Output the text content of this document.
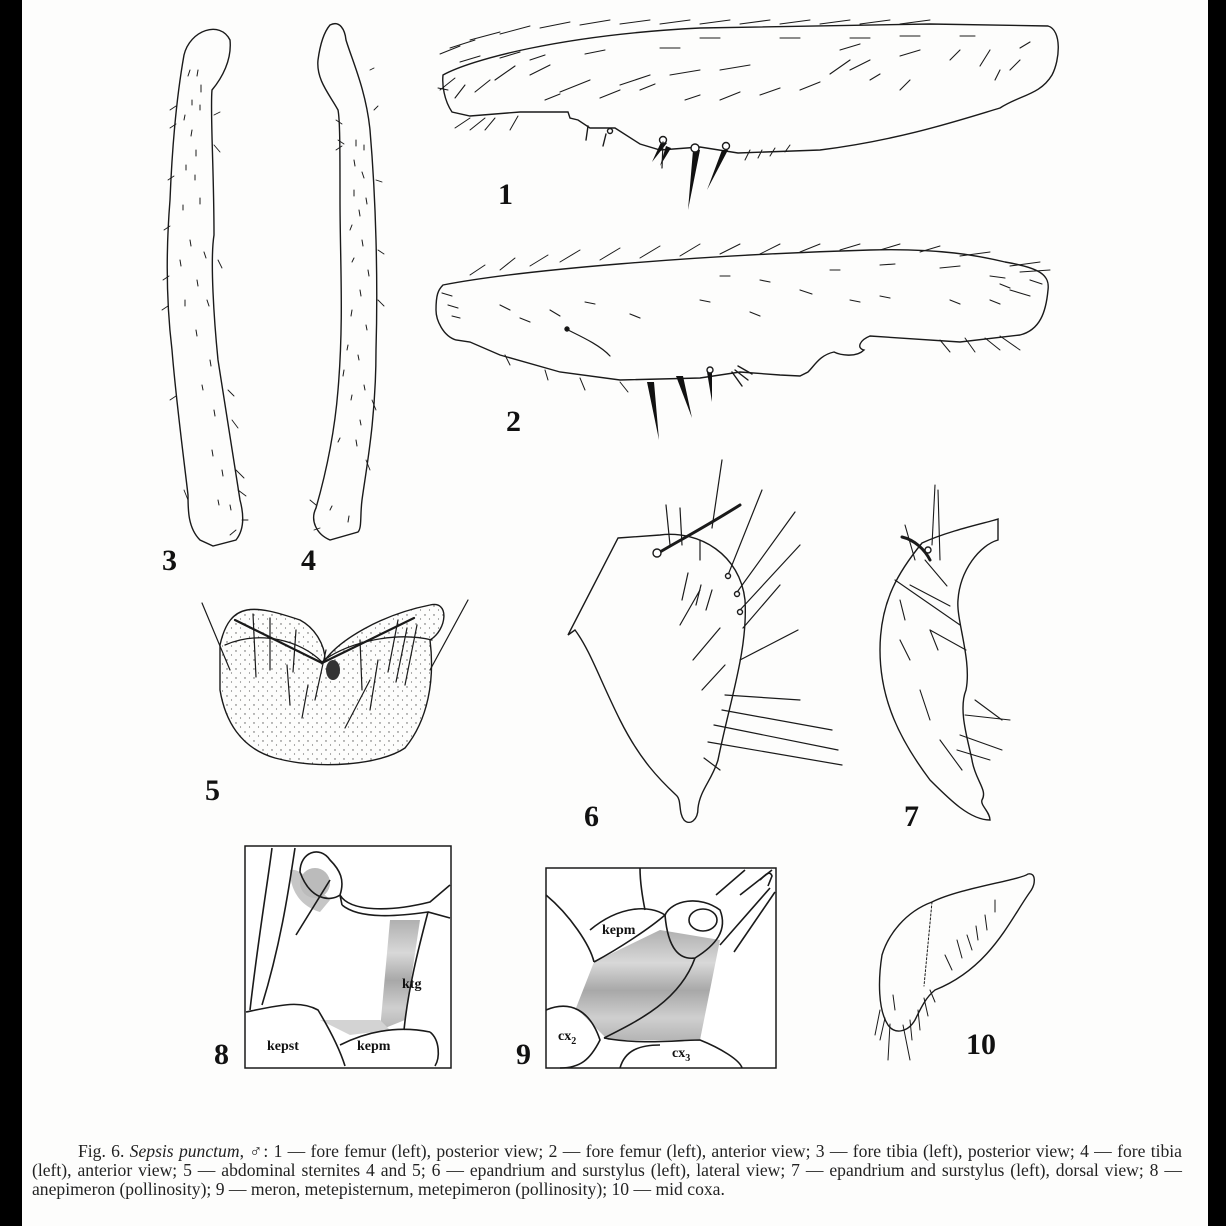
ktg
kepst	kepm
kepm
$cx_2$
$cx_3$
1
2
3	4
5
6	7
8	9	10

Fig. 6. Sepsis punctum, ♂: 1 — fore femur (left), posterior view; 2 — fore femur (left), anterior view; 3 — fore tibia (left), posterior view; 4 — fore tibia (left), anterior view; 5 — abdominal sternites 4 and 5; 6 — epandrium and surstylus (left), lateral view; 7 — epandrium and surstylus (left), dorsal view; 8 — anepimeron (pollinosity); 9 — meron, metepisternum, metepimeron (pollinosity); 10 — mid coxa.
